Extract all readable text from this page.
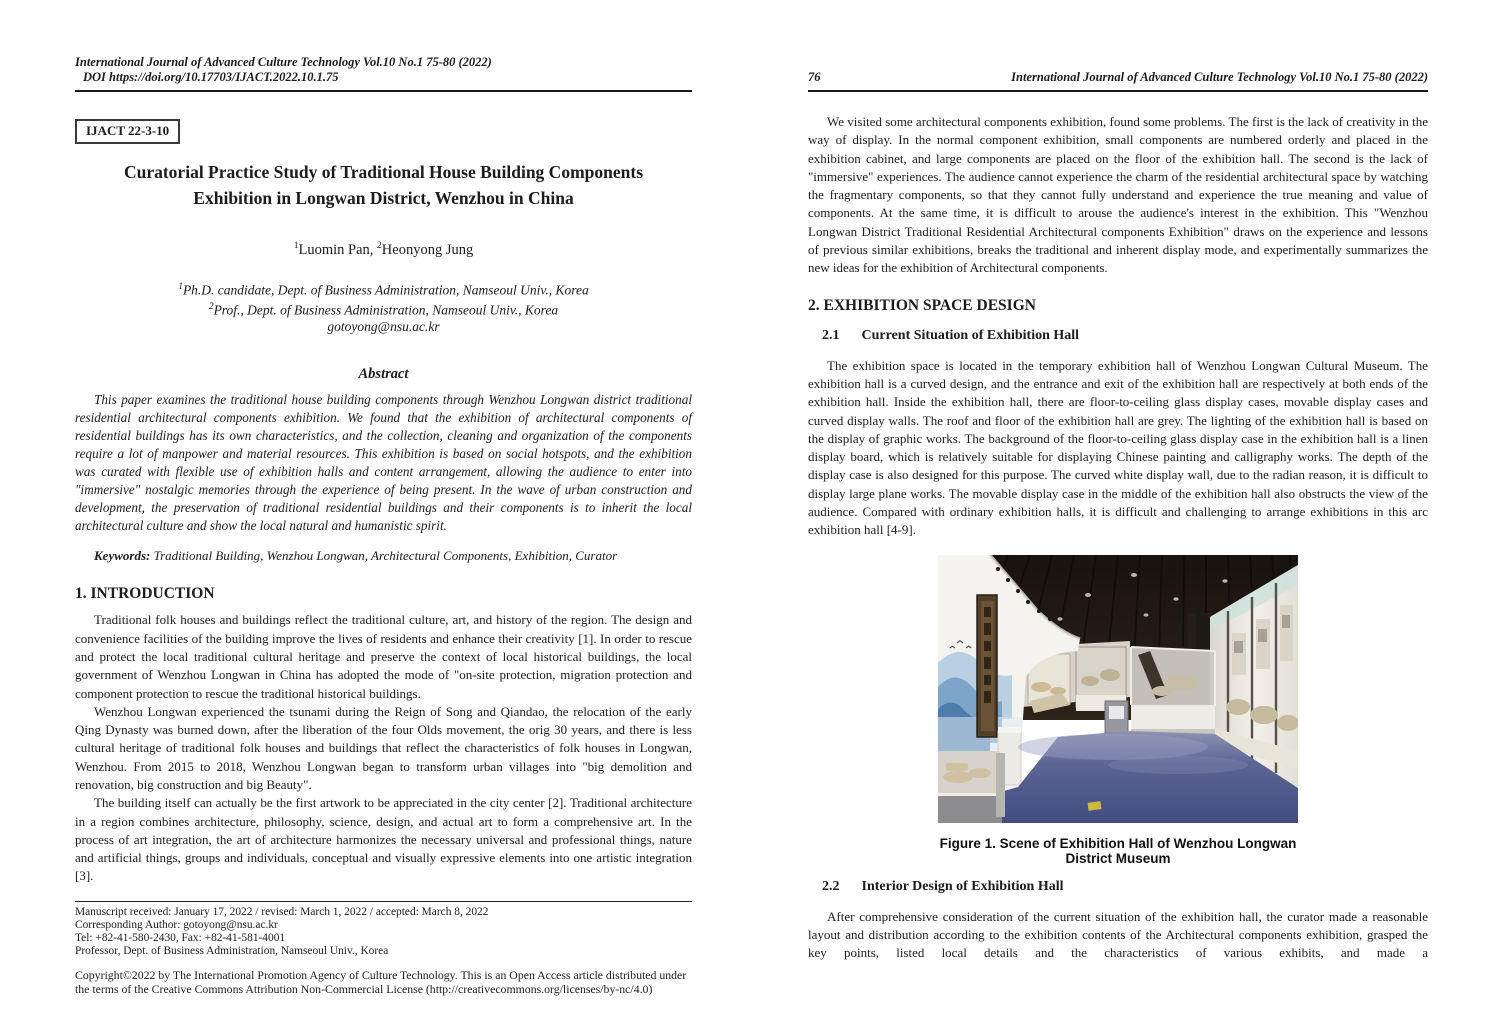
International Journal of Advanced Culture Technology Vol.10 No.1 75-80 (2022)
DOI https://doi.org/10.17703/IJACT.2022.10.1.75
IJACT 22-3-10
Curatorial Practice Study of Traditional House Building Components
Exhibition in Longwan District, Wenzhou in China
$^1$Luomin Pan, $^2$Heonyong Jung
$^1$Ph.D. candidate, Dept. of Business Administration, Namseoul Univ., Korea
$^2$Prof., Dept. of Business Administration, Namseoul Univ., Korea
gotoyong@nsu.ac.kr
Abstract

This paper examines the traditional house building components through Wenzhou Longwan district traditional residential architectural components exhibition. We found that the exhibition of architectural components of residential buildings has its own characteristics, and the collection, cleaning and organization of the components require a lot of manpower and material resources. This exhibition is based on social hotspots, and the exhibition was curated with flexible use of exhibition halls and content arrangement, allowing the audience to enter into "immersive" nostalgic memories through the experience of being present. In the wave of urban construction and development, the preservation of traditional residential buildings and their components is to inherit the local architectural culture and show the local natural and humanistic spirit.

Keywords: Traditional Building, Wenzhou Longwan, Architectural Components, Exhibition, Curator
1. INTRODUCTION

Traditional folk houses and buildings reflect the traditional culture, art, and history of the region. The design and convenience facilities of the building improve the lives of residents and enhance their creativity [1]. In order to rescue and protect the local traditional cultural heritage and preserve the context of local historical buildings, the local government of Wenzhou Longwan in China has adopted the mode of "on-site protection, migration protection and component protection to rescue the traditional historical buildings.

Wenzhou Longwan experienced the tsunami during the Reign of Song and Qiandao, the relocation of the early Qing Dynasty was burned down, after the liberation of the four Olds movement, the orig 30 years, and there is less cultural heritage of traditional folk houses and buildings that reflect the characteristics of folk houses in Longwan, Wenzhou. From 2015 to 2018, Wenzhou Longwan began to transform urban villages into "big demolition and renovation, big construction and big Beauty".

The building itself can actually be the first artwork to be appreciated in the city center [2]. Traditional architecture in a region combines architecture, philosophy, science, design, and actual art to form a comprehensive art. In the process of art integration, the art of architecture harmonizes the necessary universal and professional things, nature and artificial things, groups and individuals, conceptual and visually expressive elements into one artistic integration [3].

Manuscript received: January 17, 2022 / revised: March 1, 2022 / accepted: March 8, 2022
Corresponding Author: gotoyong@nsu.ac.kr
Tel: +82-41-580-2430, Fax: +82-41-581-4001
Professor, Dept. of Business Administration, Namseoul Univ., Korea
Copyright©2022 by The International Promotion Agency of Culture Technology. This is an Open Access article distributed under the terms of the Creative Commons Attribution Non-Commercial License (http://creativecommons.org/licenses/by-nc/4.0)
76	International Journal of Advanced Culture Technology Vol.10 No.1 75-80 (2022)

We visited some architectural components exhibition, found some problems. The first is the lack of creativity in the way of display. In the normal component exhibition, small components are numbered orderly and placed in the exhibition cabinet, and large components are placed on the floor of the exhibition hall. The second is the lack of "immersive" experiences. The audience cannot experience the charm of the residential architectural space by watching the fragmentary components, so that they cannot fully understand and experience the true meaning and value of components. At the same time, it is difficult to arouse the audience's interest in the exhibition. This "Wenzhou Longwan District Traditional Residential Architectural components Exhibition" draws on the experience and lessons of previous similar exhibitions, breaks the traditional and inherent display mode, and experimentally summarizes the new ideas for the exhibition of Architectural components.

2. EXHIBITION SPACE DESIGN
2.1 Current Situation of Exhibition Hall

The exhibition space is located in the temporary exhibition hall of Wenzhou Longwan Cultural Museum. The exhibition hall is a curved design, and the entrance and exit of the exhibition hall are respectively at both ends of the exhibition hall. Inside the exhibition hall, there are floor-to-ceiling glass display cases, movable display cases and curved display walls. The roof and floor of the exhibition hall are grey. The lighting of the exhibition hall is based on the display of graphic works. The background of the floor-to-ceiling glass display case in the exhibition hall is a linen display board, which is relatively suitable for displaying Chinese painting and calligraphy works. The depth of the display case is also designed for this purpose. The curved white display wall, due to the radian reason, it is difficult to display large plane works. The movable display case in the middle of the exhibition hall also obstructs the view of the audience. Compared with ordinary exhibition halls, it is difficult and challenging to arrange exhibitions in this arc exhibition hall [4-9].

Figure 1. Scene of Exhibition Hall of Wenzhou Longwan District Museum
2.2 Interior Design of Exhibition Hall

After comprehensive consideration of the current situation of the exhibition hall, the curator made a reasonable layout and distribution according to the exhibition contents of the Architectural components exhibition, grasped the key points, listed local details and the characteristics of various exhibits, and made a
